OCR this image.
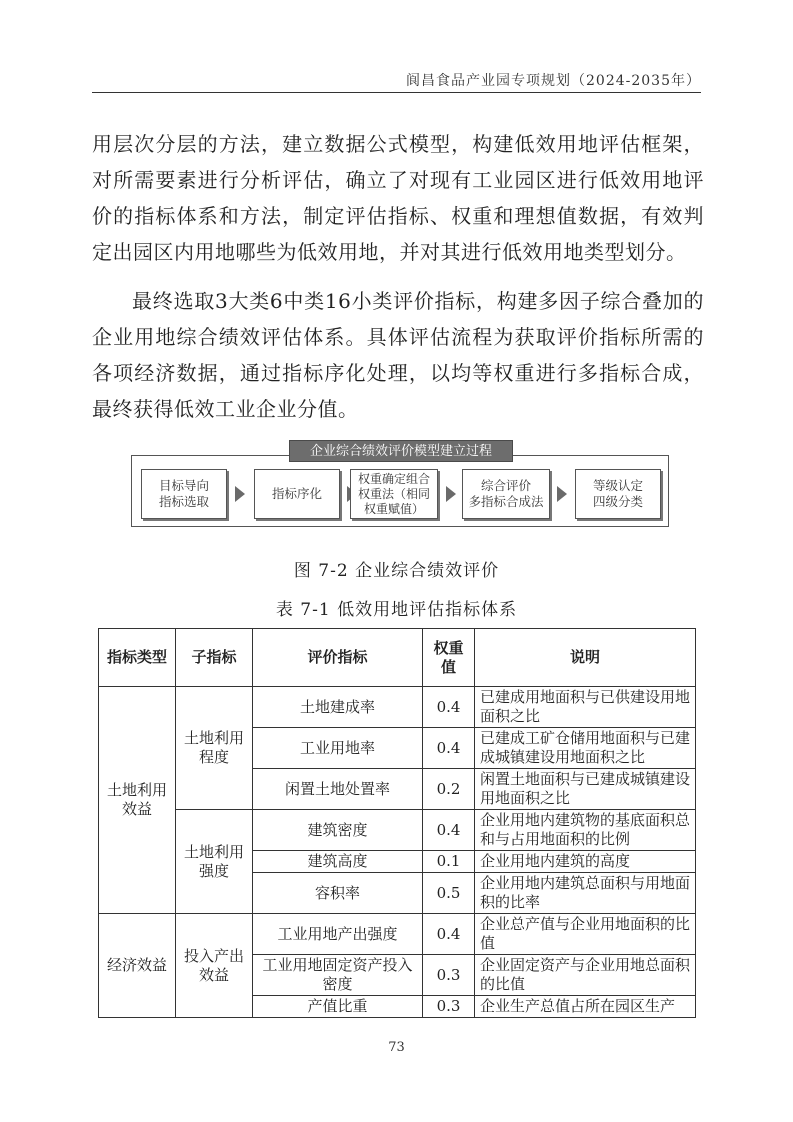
阆昌食品产业园专项规划（2024-2035年）

用层次分层的方法，建立数据公式模型，构建低效用地评估框架，对所需要素进行分析评估，确立了对现有工业园区进行低效用地评价的指标体系和方法，制定评估指标、权重和理想值数据，有效判定出园区内用地哪些为低效用地，并对其进行低效用地类型划分。

最终选取3大类6中类16小类评价指标，构建多因子综合叠加的企业用地综合绩效评估体系。具体评估流程为获取评价指标所需的各项经济数据，通过指标序化处理，以均等权重进行多指标合成，最终获得低效工业企业分值。

企业综合绩效评价模型建立过程
目标导向
指标选取
指标序化
权重确定组合
权重法（相同
权重赋值）
综合评价
多指标合成法
等级认定
四级分类
图 7-2 企业综合绩效评价
表 7-1 低效用地评估指标体系
指标类型	子指标	评价指标	权重值	说明
土地利用效益	土地利用程度	土地建成率	0.4	已建成用地面积与已供建设用地面积之比
		工业用地率	0.4	已建成工矿仓储用地面积与已建成城镇建设用地面积之比
		闲置土地处置率	0.2	闲置土地面积与已建成城镇建设用地面积之比
	土地利用强度	建筑密度	0.4	企业用地内建筑物的基底面积总和与占用地面积的比例
		建筑高度	0.1	企业用地内建筑的高度
		容积率	0.5	企业用地内建筑总面积与用地面积的比率
经济效益	投入产出效益	工业用地产出强度	0.4	企业总产值与企业用地面积的比值
		工业用地固定资产投入密度	0.3	企业固定资产与企业用地总面积的比值
		产值比重	0.3	企业生产总值占所在园区生产
73
